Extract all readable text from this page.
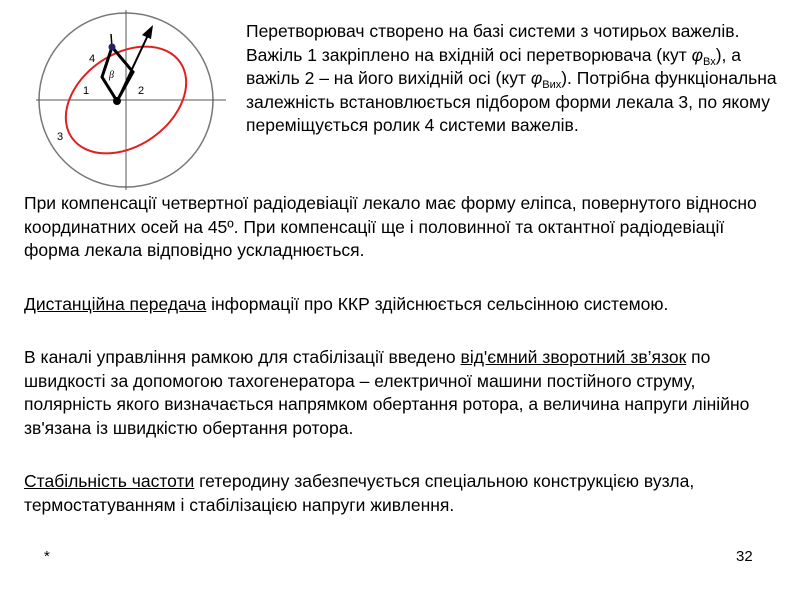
1	2
3
4
β

Перетворювач створено на базі системи з чотирьох важелів. Важіль 1 закріплено на вхідній осі перетворювача (кут $\varphi_{Вх}$), а важіль 2 – на його вихідній осі (кут $\varphi_{Вих}$). Потрібна функціональна залежність встановлюється підбором форми лекала 3, по якому переміщується ролик 4 системи важелів.

При компенсації четвертної радіодевіації лекало має форму еліпса, повернутого відносно координатних осей на 45º. При компенсації ще і половинної та октантної радіодевіації форма лекала відповідно ускладнюється.

Дистанційна передача інформації про ККР здійснюється сельсінною системою.

В каналі управління рамкою для стабілізації введено від'ємний зворотний зв’язок по швидкості за допомогою тахогенератора – електричної машини постійного струму, полярність якого визначається напрямком обертання ротора, а величина напруги лінійно зв'язана із швидкістю обертання ротора.

Стабільність частоти гетеродину забезпечується спеціальною конструкцією вузла, термостатуванням і стабілізацією напруги живлення.

*	32
